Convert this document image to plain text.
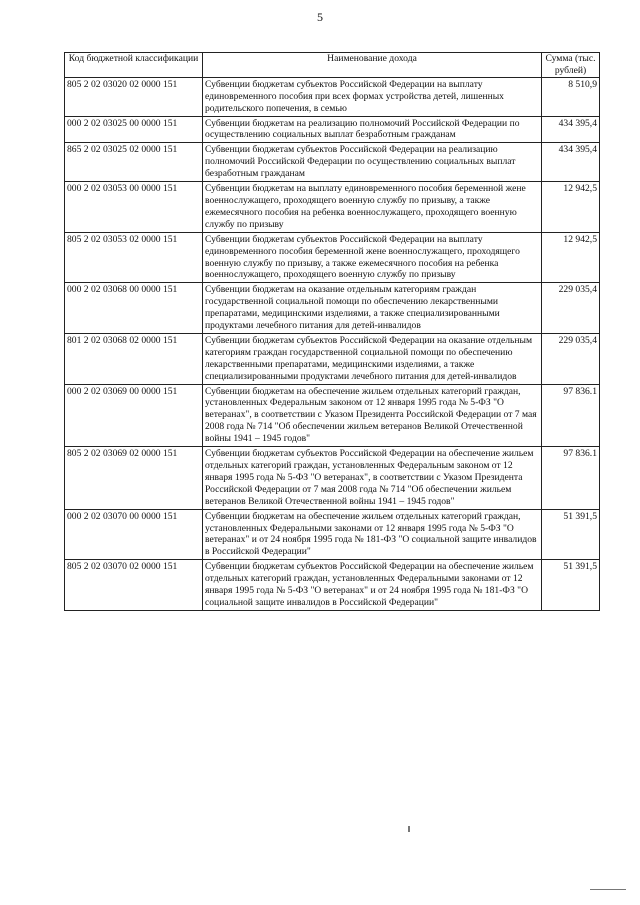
5
Код бюджетной классификации	Наименование дохода	Сумма (тыс. рублей)
805 2 02 03020 02 0000 151	Субвенции бюджетам субъектов Российской Федерации на выплату единовременного пособия при всех формах устройства детей, лишенных родительского попечения, в семью	8 510,9
000 2 02 03025 00 0000 151	Субвенции бюджетам на реализацию полномочий Российской Федерации по осуществлению социальных выплат безработным гражданам	434 395,4
865 2 02 03025 02 0000 151	Субвенции бюджетам субъектов Российской Федерации на реализацию полномочий Российской Федерации по осуществлению социальных выплат безработным гражданам	434 395,4
000 2 02 03053 00 0000 151	Субвенции бюджетам на выплату единовременного пособия беременной жене военнослужащего, проходящего военную службу по призыву, а также ежемесячного пособия на ребенка военнослужащего, проходящего военную службу по призыву	12 942,5
805 2 02 03053 02 0000 151	Субвенции бюджетам субъектов Российской Федерации на выплату единовременного пособия беременной жене военнослужащего, проходящего военную службу по призыву, а также ежемесячного пособия на ребенка военнослужащего, проходящего военную службу по призыву	12 942,5
000 2 02 03068 00 0000 151	Субвенции бюджетам на оказание отдельным категориям граждан государственной социальной помощи по обеспечению лекарственными препаратами, медицинскими изделиями, а также специализированными продуктами лечебного питания для детей-инвалидов	229 035,4
801 2 02 03068 02 0000 151	Субвенции бюджетам субъектов Российской Федерации на оказание отдельным категориям граждан государственной социальной помощи по обеспечению лекарственными препаратами, медицинскими изделиями, а также специализированными продуктами лечебного питания для детей-инвалидов	229 035,4
000 2 02 03069 00 0000 151	Субвенции бюджетам на обеспечение жильем отдельных категорий граждан, установленных Федеральным законом от 12 января 1995 года № 5-ФЗ "О ветеранах", в соответствии с Указом Президента Российской Федерации от 7 мая 2008 года № 714 "Об обеспечении жильем ветеранов Великой Отечественной войны 1941 – 1945 годов"	97 836.1
805 2 02 03069 02 0000 151	Субвенции бюджетам субъектов Российской Федерации на обеспечение жильем отдельных категорий граждан, установленных Федеральным законом от 12 января 1995 года № 5-ФЗ "О ветеранах", в соответствии с Указом Президента Российской Федерации от 7 мая 2008 года № 714 "Об обеспечении жильем ветеранов Великой Отечественной войны 1941 – 1945 годов"	97 836.1
000 2 02 03070 00 0000 151	Субвенции бюджетам на обеспечение жильем отдельных категорий граждан, установленных Федеральными законами от 12 января 1995 года № 5-ФЗ "О ветеранах" и от 24 ноября 1995 года № 181-ФЗ "О социальной защите инвалидов в Российской Федерации"	51 391,5
805 2 02 03070 02 0000 151	Субвенции бюджетам субъектов Российской Федерации на обеспечение жильем отдельных категорий граждан, установленных Федеральными законами от 12 января 1995 года № 5-ФЗ "О ветеранах" и от 24 ноября 1995 года № 181-ФЗ "О социальной защите инвалидов в Российской Федерации"	51 391,5
